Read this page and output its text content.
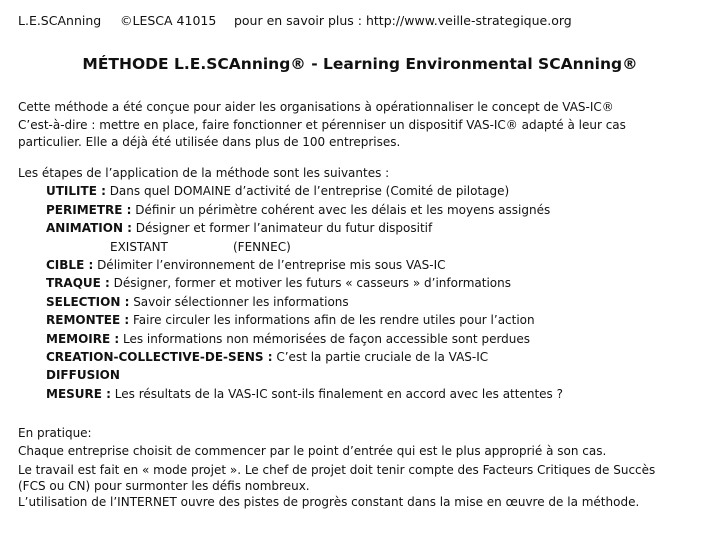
L.E.SCAnning ©LESCA 41015 pour en savoir plus : http://www.veille-strategique.org
MÉTHODE L.E.SCAnning® - Learning Environmental SCAnning®

Cette méthode a été conçue pour aider les organisations à opérationnaliser le concept de VAS-IC®

C’est-à-dire : mettre en place, faire fonctionner et pérenniser un dispositif VAS-IC® adapté à leur cas
particulier. Elle a déjà été utilisée dans plus de 100 entreprises.

Les étapes de l’application de la méthode sont les suivantes :

UTILITE : Dans quel DOMAINE d’activité de l’entreprise (Comité de pilotage)
PERIMETRE : Définir un périmètre cohérent avec les délais et les moyens assignés
ANIMATION : Désigner et former l’animateur du futur dispositif
EXISTANT	(FENNEC)
CIBLE : Délimiter l’environnement de l’entreprise mis sous VAS-IC
TRAQUE : Désigner, former et motiver les futurs « casseurs » d’informations
SELECTION : Savoir sélectionner les informations
REMONTEE : Faire circuler les informations afin de les rendre utiles pour l’action
MEMOIRE : Les informations non mémorisées de façon accessible sont perdues
CREATION-COLLECTIVE-DE-SENS : C’est la partie cruciale de la VAS-IC
DIFFUSION
MESURE : Les résultats de la VAS-IC sont-ils finalement en accord avec les attentes ?

En pratique:

Chaque entreprise choisit de commencer par le point d’entrée qui est le plus approprié à son cas.

Le travail est fait en « mode projet ». Le chef de projet doit tenir compte des Facteurs Critiques de Succès
(FCS ou CN) pour surmonter les défis nombreux.

L’utilisation de l’INTERNET ouvre des pistes de progrès constant dans la mise en œuvre de la méthode.
